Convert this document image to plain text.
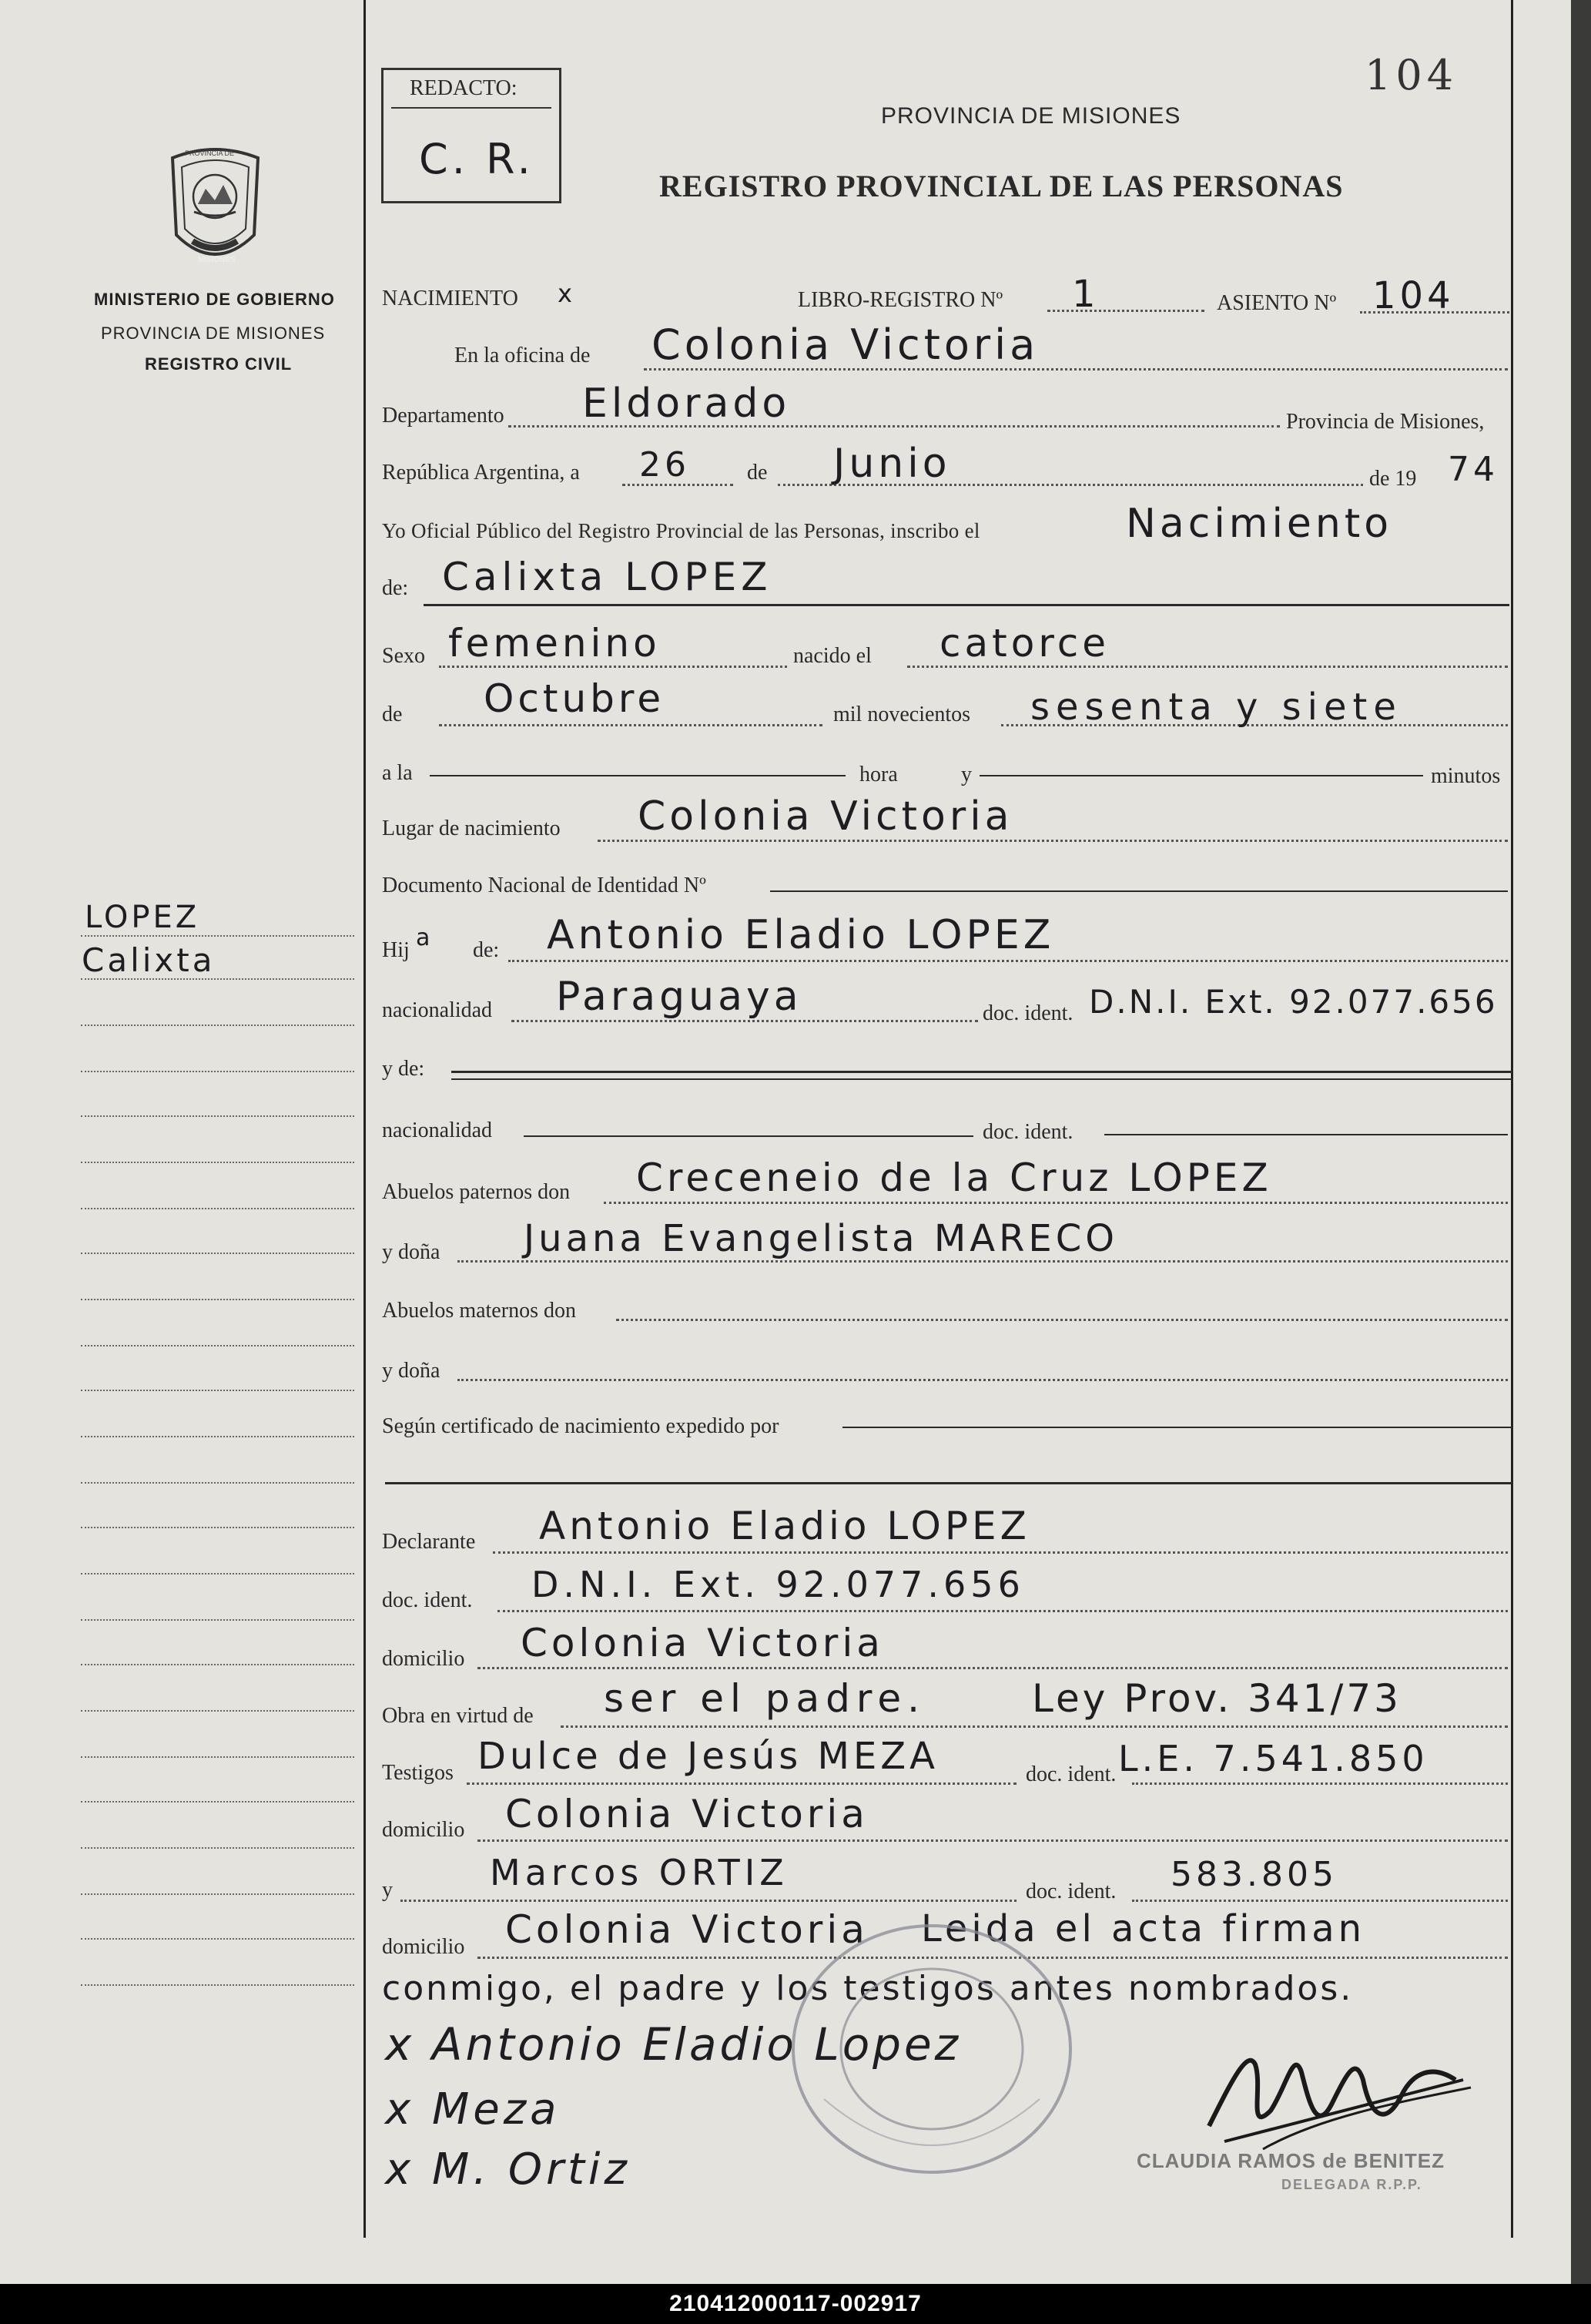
PROVINCIA DE
MISIONES
MINISTERIO DE GOBIERNO
PROVINCIA DE MISIONES
REGISTRO CIVIL
LOPEZ
Calixta
REDACTO:
C. R.
104
PROVINCIA DE MISIONES
REGISTRO PROVINCIAL DE LAS PERSONAS
NACIMIENTO x	LIBRO-REGISTRO Nº 1	ASIENTO Nº 104
En la oficina de Colonia Victoria
Departamento Eldorado	Provincia de Misiones,
República Argentina, a 26	de Junio	de 19 74
Yo Oficial Público del Registro Provincial de las Personas, inscribo el	Nacimiento
de: Calixta LOPEZ
Sexo femenino	nacido el catorce
de Octubre	mil novecientos sesenta y siete
a la	hora	y	minutos
Lugar de nacimiento Colonia Victoria
Documento Nacional de Identidad Nº
Hij a de: Antonio Eladio LOPEZ
nacionalidad Paraguaya	doc. ident. D.N.I. Ext. 92.077.656
y de:
nacionalidad	doc. ident.
Abuelos paternos don Creceneio de la Cruz LOPEZ
y doña Juana Evangelista MARECO
Abuelos maternos don
y doña
Según certificado de nacimiento expedido por
Declarante Antonio Eladio LOPEZ
doc. ident. D.N.I. Ext. 92.077.656
domicilio Colonia Victoria
Obra en virtud de ser el padre.	Ley Prov. 341/73
Testigos Dulce de Jesús MEZA	doc. ident. L.E. 7.541.850
domicilio Colonia Victoria
y	Marcos ORTIZ	doc. ident. 583.805
domicilio Colonia Victoria Leida el acta firman
conmigo, el padre y los testigos antes nombrados.
x Antonio Eladio Lopez
x Meza
x M. Ortiz	CLAUDIA RAMOS de BENITEZ
DELEGADA R.P.P.
210412000117-002917
